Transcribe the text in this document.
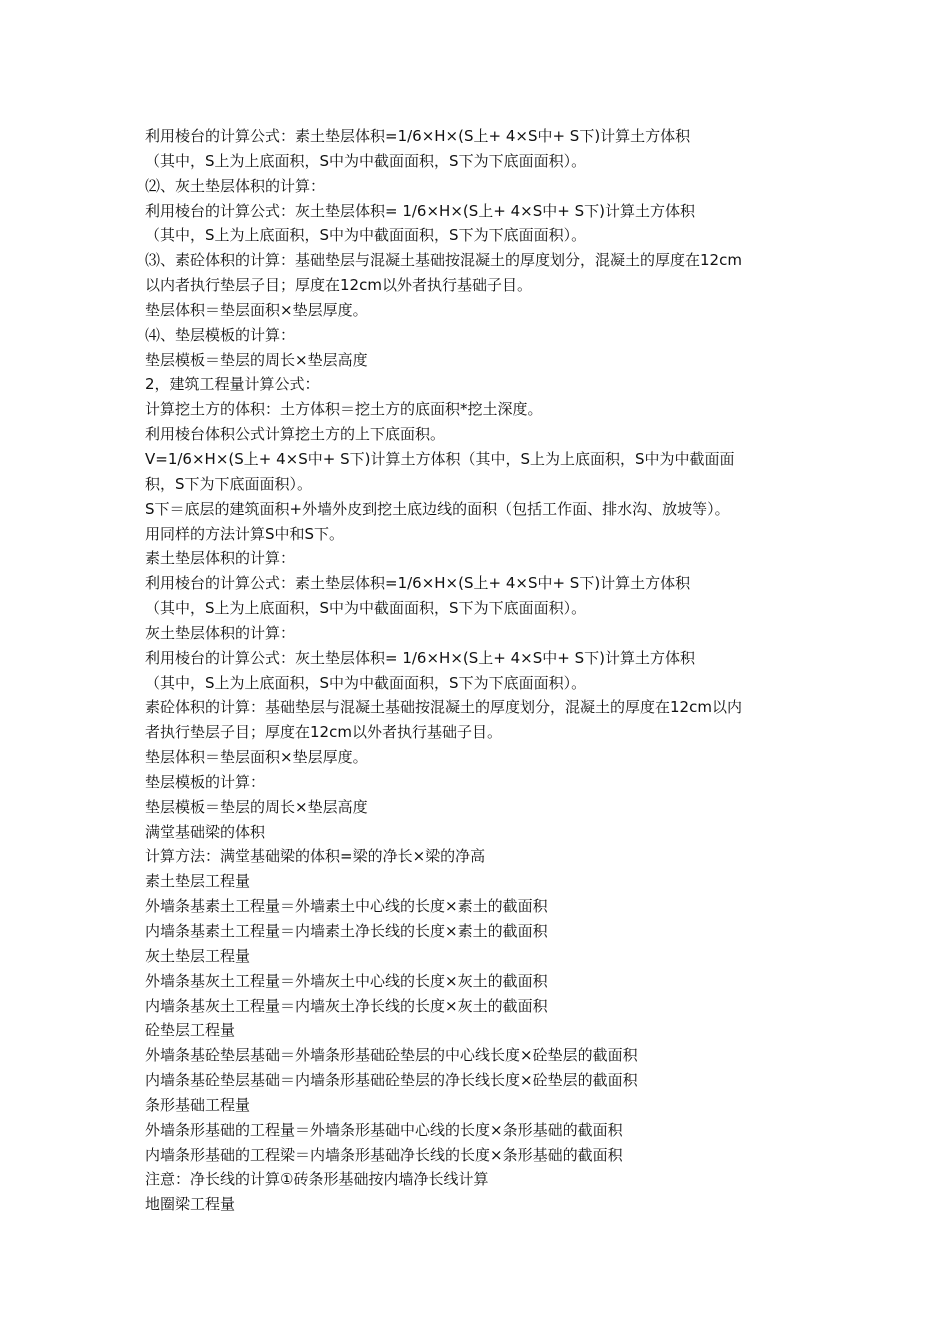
利用棱台的计算公式：素土垫层体积=1/6×H×(S上+ 4×S中+ S下)计算土方体积
（其中，S上为上底面积，S中为中截面面积，S下为下底面面积）。
⑵、灰土垫层体积的计算：
利用棱台的计算公式：灰土垫层体积= 1/6×H×(S上+ 4×S中+ S下)计算土方体积
（其中，S上为上底面积，S中为中截面面积，S下为下底面面积）。
⑶、素砼体积的计算：基础垫层与混凝土基础按混凝土的厚度划分，混凝土的厚度在12cm
以内者执行垫层子目；厚度在12cm以外者执行基础子目。
垫层体积＝垫层面积×垫层厚度。
⑷、垫层模板的计算：
垫层模板＝垫层的周长×垫层高度
2，建筑工程量计算公式：
计算挖土方的体积：土方体积＝挖土方的底面积*挖土深度。
利用棱台体积公式计算挖土方的上下底面积。
V=1/6×H×(S上+ 4×S中+ S下)计算土方体积（其中，S上为上底面积，S中为中截面面
积，S下为下底面面积）。
S下＝底层的建筑面积+外墙外皮到挖土底边线的面积（包括工作面、排水沟、放坡等）。
用同样的方法计算S中和S下。
素土垫层体积的计算：
利用棱台的计算公式：素土垫层体积=1/6×H×(S上+ 4×S中+ S下)计算土方体积
（其中，S上为上底面积，S中为中截面面积，S下为下底面面积）。
灰土垫层体积的计算：
利用棱台的计算公式：灰土垫层体积= 1/6×H×(S上+ 4×S中+ S下)计算土方体积
（其中，S上为上底面积，S中为中截面面积，S下为下底面面积）。
素砼体积的计算：基础垫层与混凝土基础按混凝土的厚度划分，混凝土的厚度在12cm以内
者执行垫层子目；厚度在12cm以外者执行基础子目。
垫层体积＝垫层面积×垫层厚度。
垫层模板的计算：
垫层模板＝垫层的周长×垫层高度
满堂基础梁的体积
计算方法：满堂基础梁的体积=梁的净长×梁的净高
素土垫层工程量
外墙条基素土工程量＝外墙素土中心线的长度×素土的截面积
内墙条基素土工程量＝内墙素土净长线的长度×素土的截面积
灰土垫层工程量
外墙条基灰土工程量＝外墙灰土中心线的长度×灰土的截面积
内墙条基灰土工程量＝内墙灰土净长线的长度×灰土的截面积
砼垫层工程量
外墙条基砼垫层基础＝外墙条形基础砼垫层的中心线长度×砼垫层的截面积
内墙条基砼垫层基础＝内墙条形基础砼垫层的净长线长度×砼垫层的截面积
条形基础工程量
外墙条形基础的工程量＝外墙条形基础中心线的长度×条形基础的截面积
内墙条形基础的工程梁＝内墙条形基础净长线的长度×条形基础的截面积
注意：净长线的计算①砖条形基础按内墙净长线计算
地圈梁工程量
